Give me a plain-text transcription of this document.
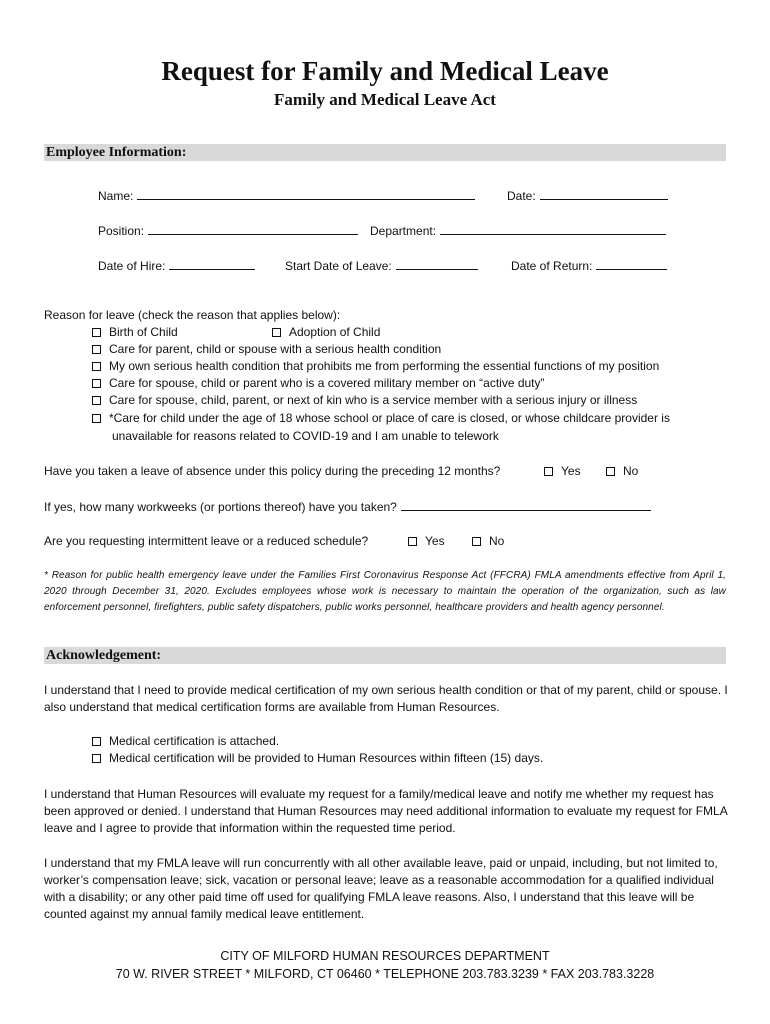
Request for Family and Medical Leave
Family and Medical Leave Act
Employee Information:
Name:	Date:
Position:	Department:
Date of Hire:	Start Date of Leave:	Date of Return:
Reason for leave (check the reason that applies below):
Birth of Child	Adoption of Child
Care for parent, child or spouse with a serious health condition
My own serious health condition that prohibits me from performing the essential functions of my position
Care for spouse, child or parent who is a covered military member on “active duty”
Care for spouse, child, parent, or next of kin who is a service member with a serious injury or illness
*Care for child under the age of 18 whose school or place of care is closed, or whose childcare provider is
unavailable for reasons related to COVID-19 and I am unable to telework
Have you taken a leave of absence under this policy during the preceding 12 months?	Yes	No
If yes, how many workweeks (or portions thereof) have you taken?
Are you requesting intermittent leave or a reduced schedule?	Yes	No
* Reason for public health emergency leave under the Families First Coronavirus Response Act (FFCRA) FMLA amendments effective from April 1, 2020 through December 31, 2020. Excludes employees whose work is necessary to maintain the operation of the organization, such as law enforcement personnel, firefighters, public safety dispatchers, public works personnel, healthcare providers and health agency personnel.
Acknowledgement:
I understand that I need to provide medical certification of my own serious health condition or that of my parent, child or spouse. I also understand that medical certification forms are available from Human Resources.
Medical certification is attached.
Medical certification will be provided to Human Resources within fifteen (15) days.
I understand that Human Resources will evaluate my request for a family/medical leave and notify me whether my request has been approved or denied. I understand that Human Resources may need additional information to evaluate my request for FMLA leave and I agree to provide that information within the requested time period.
I understand that my FMLA leave will run concurrently with all other available leave, paid or unpaid, including, but not limited to, worker’s compensation leave; sick, vacation or personal leave; leave as a reasonable accommodation for a qualified individual with a disability; or any other paid time off used for qualifying FMLA leave reasons. Also, I understand that this leave will be counted against my annual family medical leave entitlement.
CITY OF MILFORD HUMAN RESOURCES DEPARTMENT
70 W. RIVER STREET * MILFORD, CT 06460 * TELEPHONE 203.783.3239 * FAX 203.783.3228
